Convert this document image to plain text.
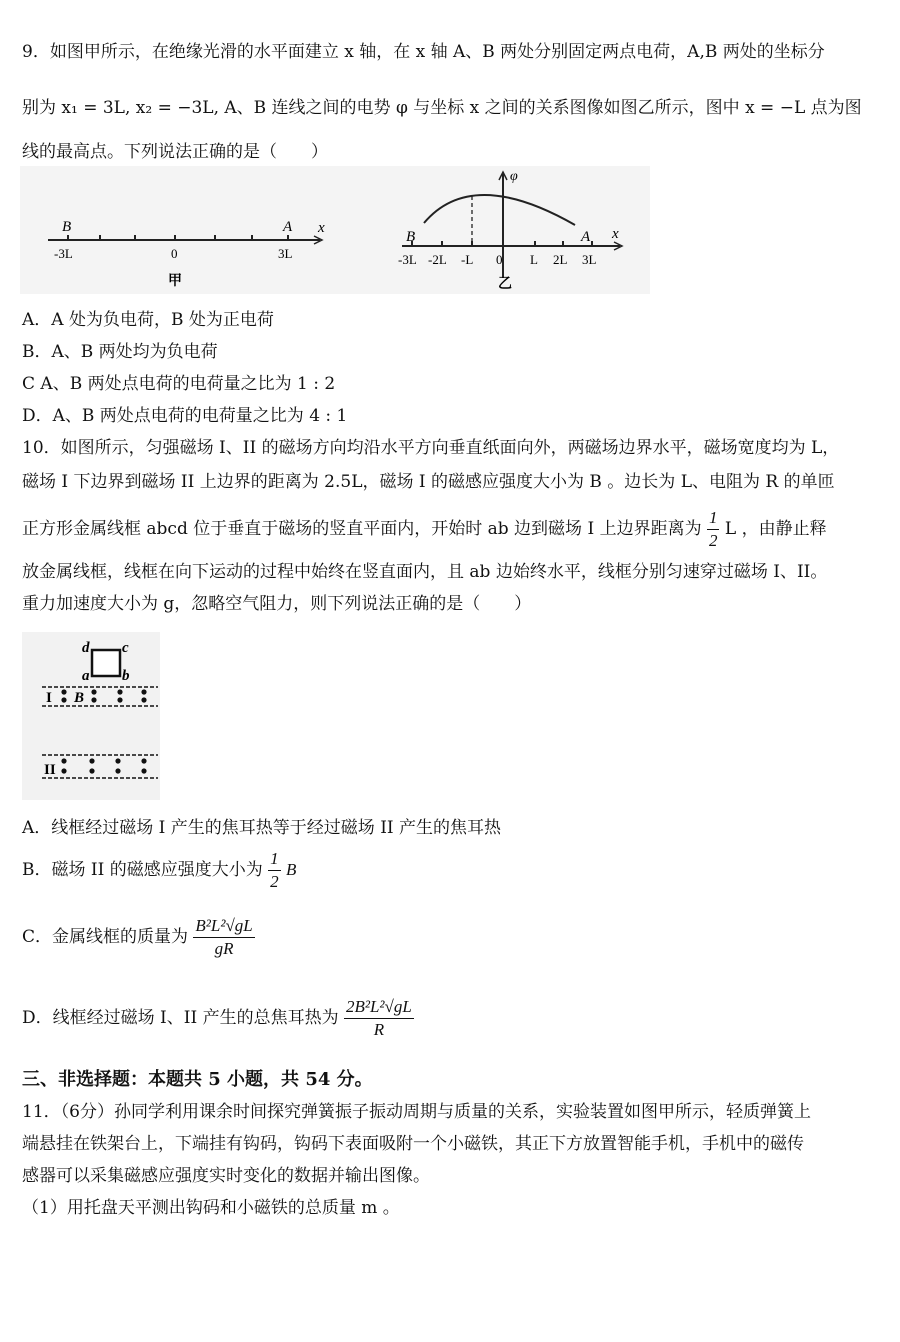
9．如图甲所示，在绝缘光滑的水平面建立 x 轴，在 x 轴 A、B 两处分别固定两点电荷，A,B 两处的坐标分
别为 x₁ = 3L, x₂ = −3L, A、B 连线之间的电势 φ 与坐标 x 之间的关系图像如图乙所示，图中 x = −L 点为图
线的最高点。下列说法正确的是（　　）
B	A x
-3L	0	3L
甲
φ
x
B	A
-3L -2L -L 0 L 2L 3L
乙
A．A 处为负电荷，B 处为正电荷
B．A、B 两处均为负电荷
C A、B 两处点电荷的电荷量之比为 1 : 2
D．A、B 两处点电荷的电荷量之比为 4 : 1
10．如图所示，匀强磁场 I、II 的磁场方向均沿水平方向垂直纸面向外，两磁场边界水平，磁场宽度均为 L，
磁场 I 下边界到磁场 II 上边界的距离为 2.5L，磁场 I 的磁感应强度大小为 B 。边长为 L、电阻为 R 的单匝
正方形金属线框 abcd 位于垂直于磁场的竖直平面内，开始时 ab 边到磁场 I 上边界距离为 $\frac{1}{2}$ L ，由静止释
放金属线框，线框在向下运动的过程中始终在竖直面内，且 ab 边始终水平，线框分别匀速穿过磁场 I、II。
重力加速度大小为 g，忽略空气阻力，则下列说法正确的是（　　）
d c
a b
I B
II
A．线框经过磁场 I 产生的焦耳热等于经过磁场 II 产生的焦耳热
B．磁场 II 的磁感应强度大小为 $\frac{1}{2}$ B
C．金属线框的质量为 $\frac{\text{B²L²√gL}}{gR}$
D．线框经过磁场 I、II 产生的总焦耳热为 $\frac{\text{2B²L²√gL}}{R}$
三、非选择题：本题共 5 小题，共 54 分。
11．（6分）孙同学利用课余时间探究弹簧振子振动周期与质量的关系，实验装置如图甲所示，轻质弹簧上
端悬挂在铁架台上，下端挂有钩码，钩码下表面吸附一个小磁铁，其正下方放置智能手机，手机中的磁传
感器可以采集磁感应强度实时变化的数据并输出图像。
（1）用托盘天平测出钩码和小磁铁的总质量 m 。
